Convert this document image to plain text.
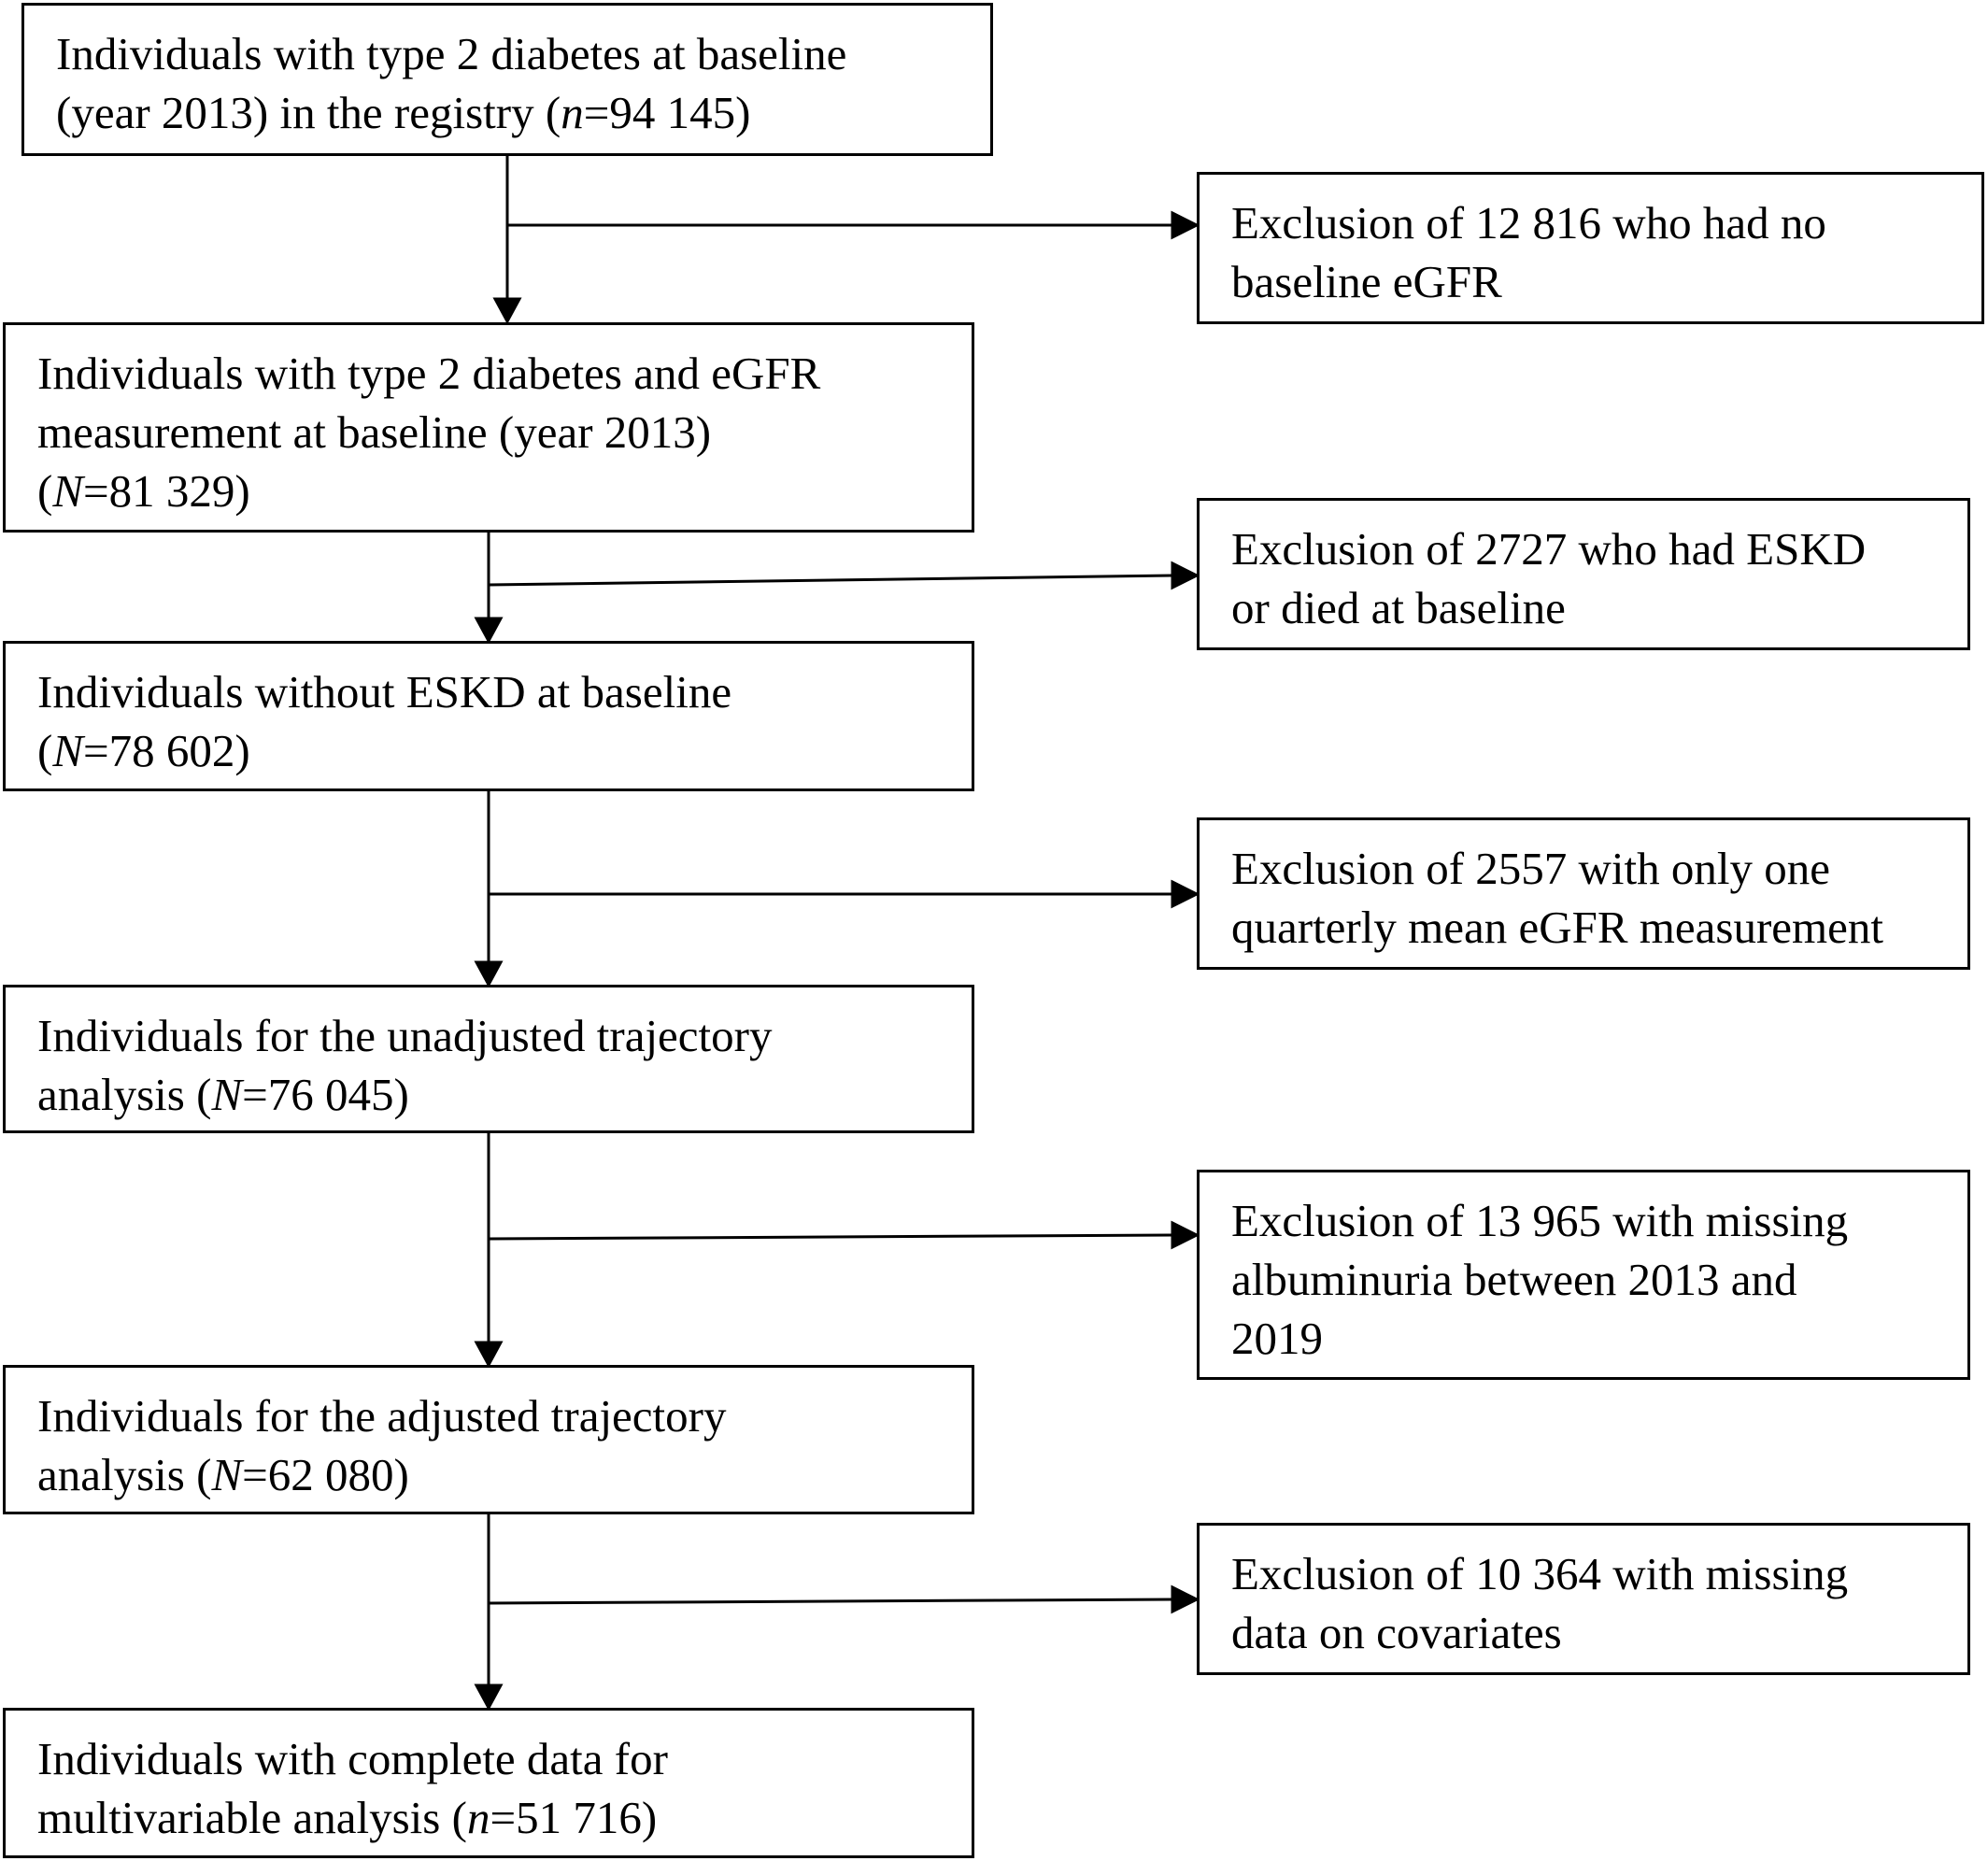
Individuals with type 2 diabetes at baseline
(year 2013) in the registry (n=94 145)
Individuals with type 2 diabetes and eGFR
measurement at baseline (year 2013)
(N=81 329)
Individuals without ESKD at baseline
(N=78 602)
Individuals for the unadjusted trajectory
analysis (N=76 045)
Individuals for the adjusted trajectory
analysis (N=62 080)
Individuals with complete data for
multivariable analysis (n=51 716)
Exclusion of 12 816 who had no
baseline eGFR
Exclusion of 2727 who had ESKD
or died at baseline
Exclusion of 2557 with only one
quarterly mean eGFR measurement
Exclusion of 13 965 with missing
albuminuria between 2013 and
2019
Exclusion of 10 364 with missing
data on covariates
